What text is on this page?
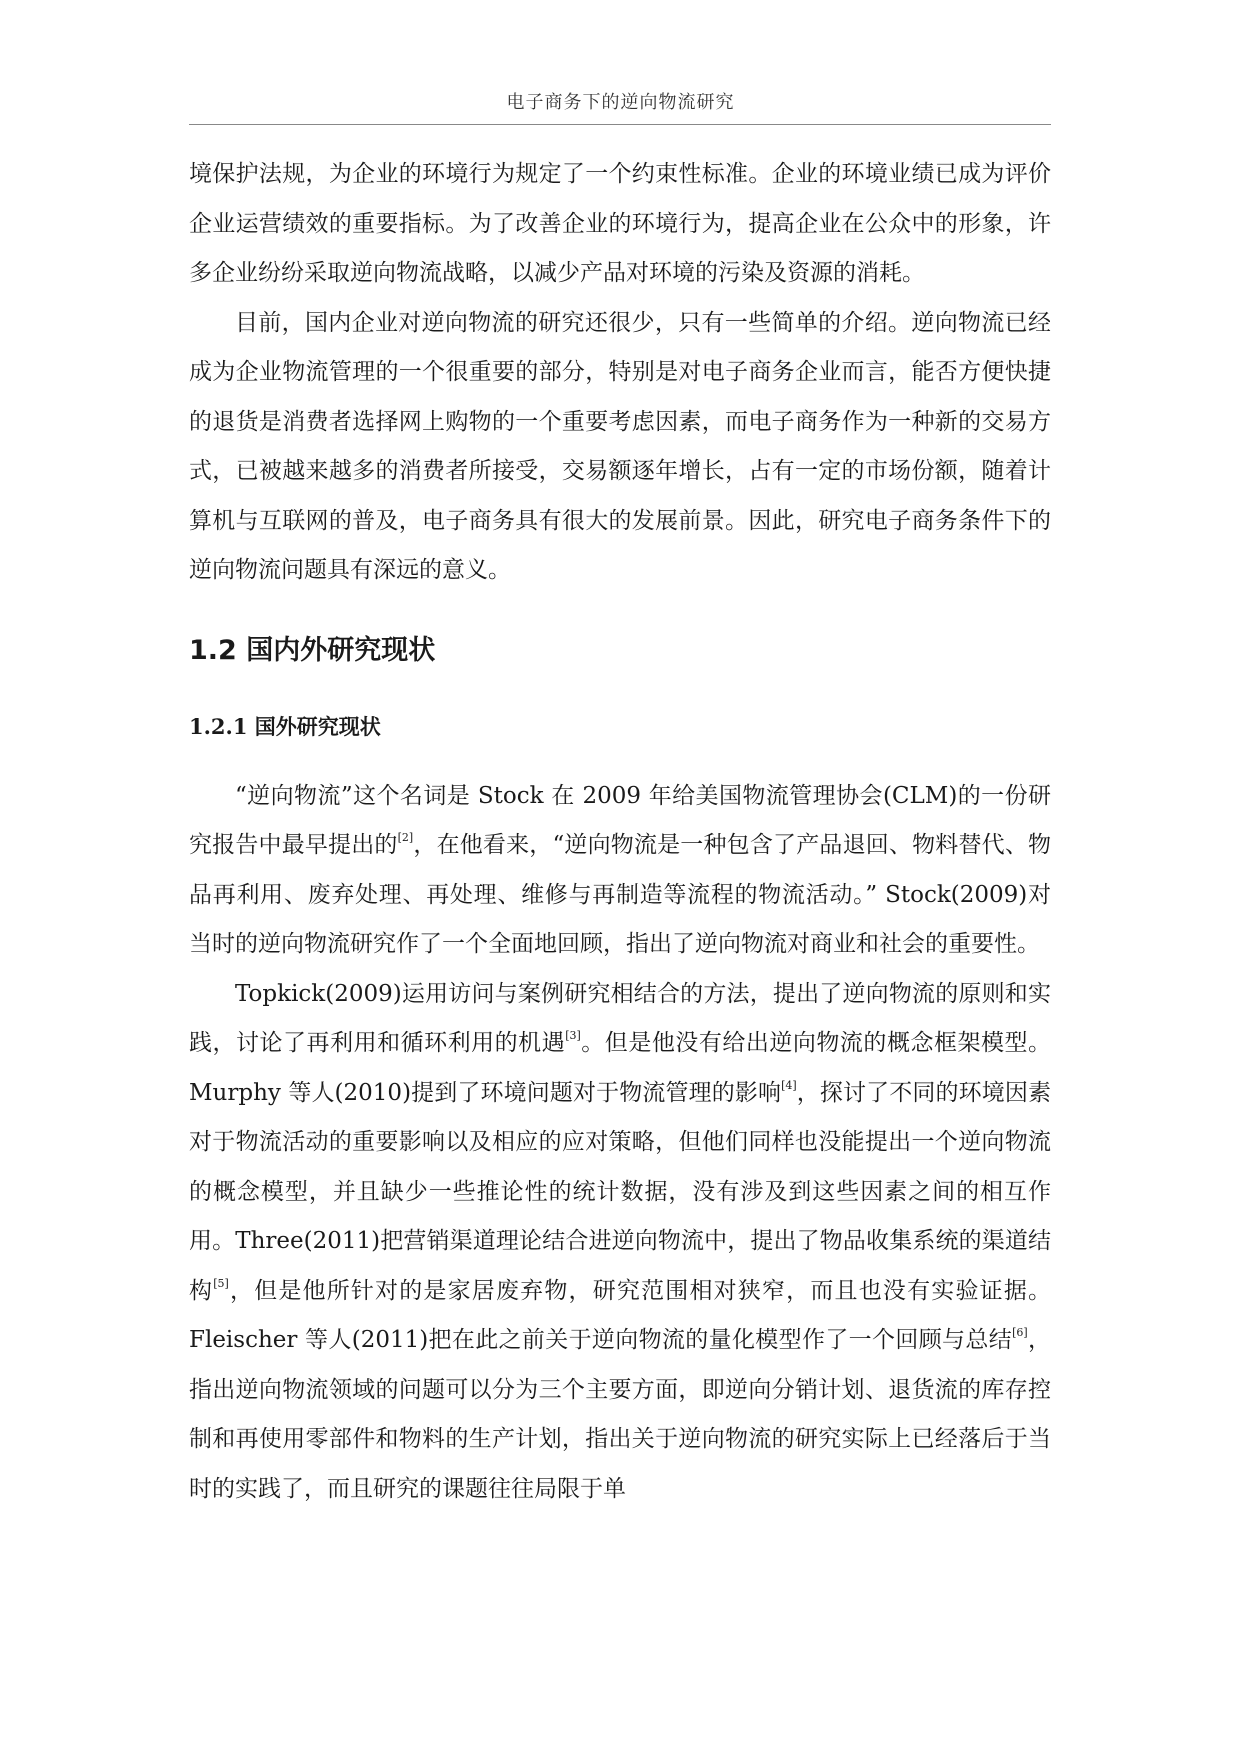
电子商务下的逆向物流研究

境保护法规，为企业的环境行为规定了一个约束性标准。企业的环境业绩已成为评价企业运营绩效的重要指标。为了改善企业的环境行为，提高企业在公众中的形象，许多企业纷纷采取逆向物流战略，以减少产品对环境的污染及资源的消耗。

目前，国内企业对逆向物流的研究还很少，只有一些简单的介绍。逆向物流已经成为企业物流管理的一个很重要的部分，特别是对电子商务企业而言，能否方便快捷的退货是消费者选择网上购物的一个重要考虑因素，而电子商务作为一种新的交易方式，已被越来越多的消费者所接受，交易额逐年增长，占有一定的市场份额，随着计算机与互联网的普及，电子商务具有很大的发展前景。因此，研究电子商务条件下的逆向物流问题具有深远的意义。

1.2 国内外研究现状
1.2.1 国外研究现状

“逆向物流”这个名词是 Stock 在 2009 年给美国物流管理协会(CLM)的一份研究报告中最早提出的[2]，在他看来，“逆向物流是一种包含了产品退回、物料替代、物品再利用、废弃处理、再处理、维修与再制造等流程的物流活动。” Stock(2009)对当时的逆向物流研究作了一个全面地回顾，指出了逆向物流对商业和社会的重要性。

Topkick(2009)运用访问与案例研究相结合的方法，提出了逆向物流的原则和实践，讨论了再利用和循环利用的机遇[3]。但是他没有给出逆向物流的概念框架模型。Murphy 等人(2010)提到了环境问题对于物流管理的影响[4]，探讨了不同的环境因素对于物流活动的重要影响以及相应的应对策略，但他们同样也没能提出一个逆向物流的概念模型，并且缺少一些推论性的统计数据，没有涉及到这些因素之间的相互作用。Three(2011)把营销渠道理论结合进逆向物流中，提出了物品收集系统的渠道结构[5]，但是他所针对的是家居废弃物，研究范围相对狭窄，而且也没有实验证据。Fleischer 等人(2011)把在此之前关于逆向物流的量化模型作了一个回顾与总结[6]，指出逆向物流领域的问题可以分为三个主要方面，即逆向分销计划、退货流的库存控制和再使用零部件和物料的生产计划，指出关于逆向物流的研究实际上已经落后于当时的实践了，而且研究的课题往往局限于单
